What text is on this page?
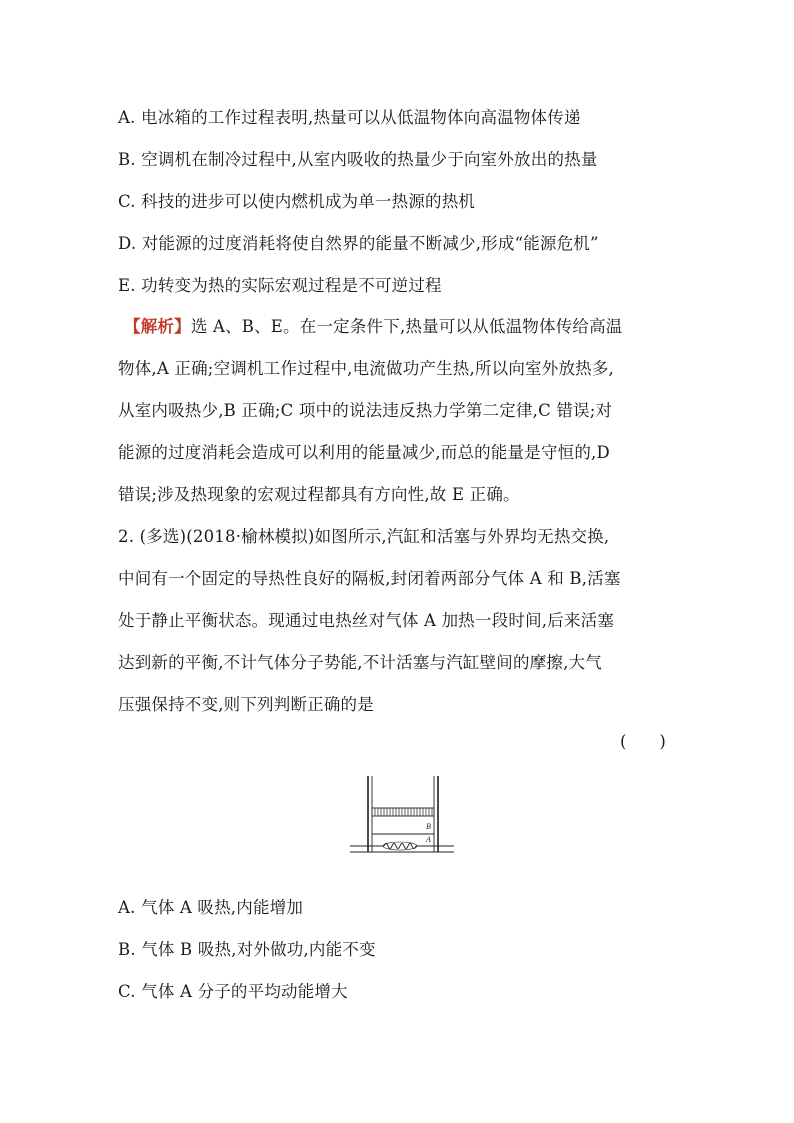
A. 电冰箱的工作过程表明,热量可以从低温物体向高温物体传递
B. 空调机在制冷过程中,从室内吸收的热量少于向室外放出的热量
C. 科技的进步可以使内燃机成为单一热源的热机
D. 对能源的过度消耗将使自然界的能量不断减少,形成“能源危机”
E. 功转变为热的实际宏观过程是不可逆过程
【解析】选 A、B、E。在一定条件下,热量可以从低温物体传给高温
物体,A 正确;空调机工作过程中,电流做功产生热,所以向室外放热多,
从室内吸热少,B 正确;C 项中的说法违反热力学第二定律,C 错误;对
能源的过度消耗会造成可以利用的能量减少,而总的能量是守恒的,D
错误;涉及热现象的宏观过程都具有方向性,故 E 正确。
2. (多选)(2018·榆林模拟)如图所示,汽缸和活塞与外界均无热交换,
中间有一个固定的导热性良好的隔板,封闭着两部分气体 A 和 B,活塞
处于静止平衡状态。现通过电热丝对气体 A 加热一段时间,后来活塞
达到新的平衡,不计气体分子势能,不计活塞与汽缸壁间的摩擦,大气
压强保持不变,则下列判断正确的是
(　　)
B
A
A. 气体 A 吸热,内能增加
B. 气体 B 吸热,对外做功,内能不变
C. 气体 A 分子的平均动能增大
